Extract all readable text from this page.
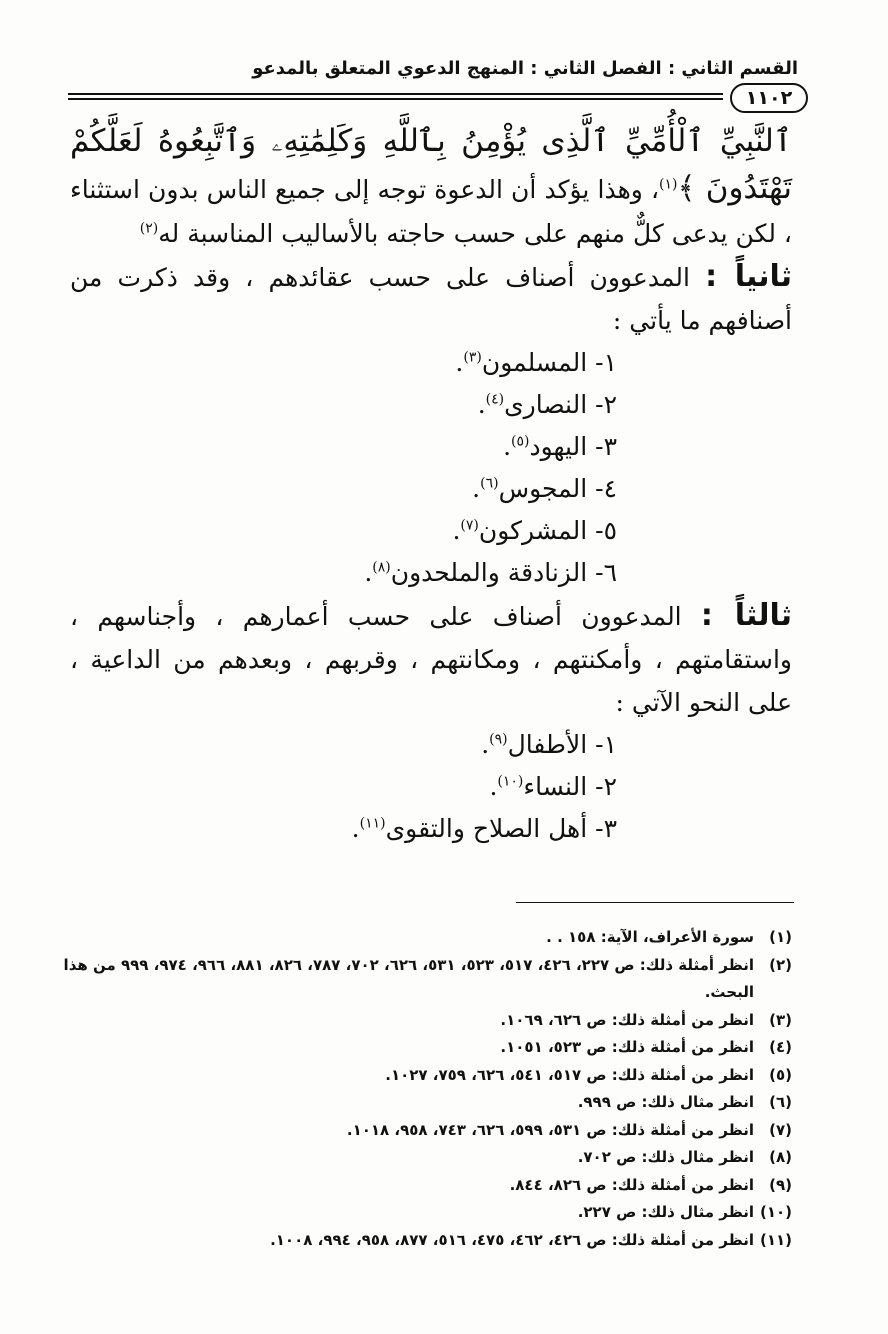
القسم الثاني : الفصل الثاني : المنهج الدعوي المتعلق بالمدعو
١١٠٢

ٱلنَّبِيِّ ٱلْأُمِّيِّ ٱلَّذِى يُؤْمِنُ بِٱللَّهِ وَكَلِمَٰتِهِۦ وَٱتَّبِعُوهُ لَعَلَّكُمْ تَهْتَدُونَ ﴾$^{(١)}$، وهذا يؤكد أن الدعوة توجه إلى جميع الناس بدون استثناء ، لكن يدعى كلٌّ منهم على حسب حاجته بالأساليب المناسبة له$^{(٢)}$

ثانياً : المدعوون أصناف على حسب عقائدهم ، وقد ذكرت من أصنافهم ما يأتي :

١- المسلمون$^{(٣)}$.
٢- النصارى$^{(٤)}$.
٣- اليهود$^{(٥)}$.
٤- المجوس$^{(٦)}$.
٥- المشركون$^{(٧)}$.
٦- الزنادقة والملحدون$^{(٨)}$.

ثالثاً : المدعوون أصناف على حسب أعمارهم ، وأجناسهم ، واستقامتهم ، وأمكنتهم ، ومكانتهم ، وقربهم ، وبعدهم من الداعية ، على النحو الآتي :

١- الأطفال$^{(٩)}$.
٢- النساء$^{(١٠)}$.
٣- أهل الصلاح والتقوى$^{(١١)}$.
(١)
سورة الأعراف، الآية: ١٥٨ . .
(٢)
انظر أمثلة ذلك: ص ٢٢٧، ٤٢٦، ٥١٧، ٥٢٣، ٥٣١، ٦٢٦، ٧٠٢، ٧٨٧، ٨٢٦، ٨٨١، ٩٦٦، ٩٧٤، ٩٩٩ من هذا البحث.
(٣)
انظر من أمثلة ذلك: ص ٦٢٦، ١٠٦٩.
(٤)
انظر من أمثلة ذلك: ص ٥٢٣، ١٠٥١.
(٥)
انظر من أمثلة ذلك: ص ٥١٧، ٥٤١، ٦٢٦، ٧٥٩، ١٠٢٧.
(٦)
انظر مثال ذلك: ص ٩٩٩.
(٧)
انظر من أمثلة ذلك: ص ٥٣١، ٥٩٩، ٦٢٦، ٧٤٣، ٩٥٨، ١٠١٨.
(٨)
انظر مثال ذلك: ص ٧٠٢.
(٩)
انظر من أمثلة ذلك: ص ٨٢٦، ٨٤٤.
(١٠)
انظر مثال ذلك: ص ٢٢٧.
(١١)
انظر من أمثلة ذلك: ص ٤٢٦، ٤٦٢، ٤٧٥، ٥١٦، ٨٧٧، ٩٥٨، ٩٩٤، ١٠٠٨.
